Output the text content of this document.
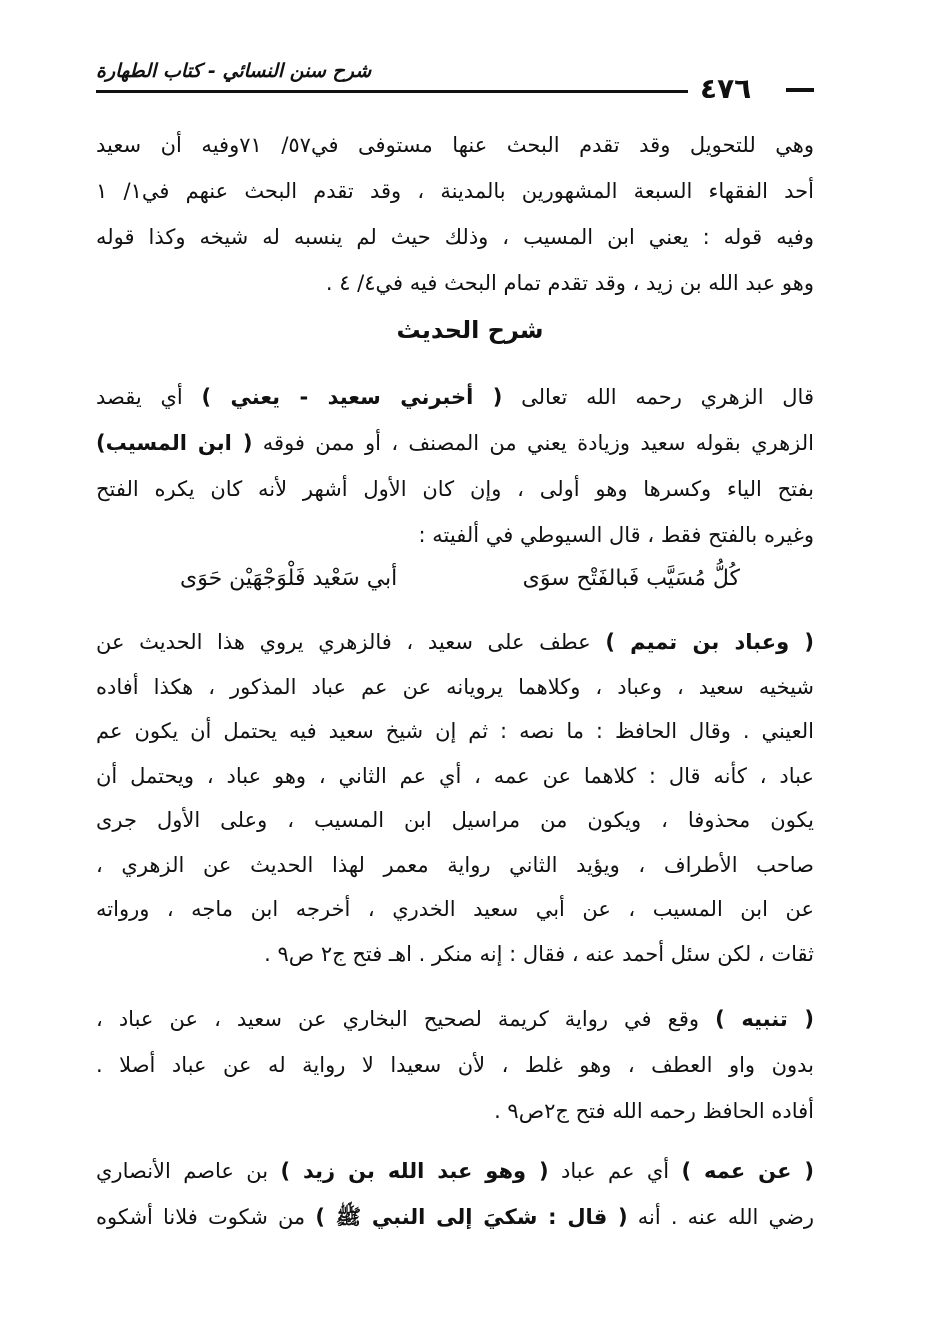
شرح سنن النسائي - كتاب الطهارة
٤٧٦
وهي للتحويل وقد تقدم البحث عنها مستوفى في٥٧/ ٧١وفيه أن سعيد
أحد الفقهاء السبعة المشهورين بالمدينة ، وقد تقدم البحث عنهم في١/ ١
وفيه قوله : يعني ابن المسيب ، وذلك حيث لم ينسبه له شيخه وكذا قوله
وهو عبد الله بن زيد ، وقد تقدم تمام البحث فيه في٤/ ٤ .
شرح الحديث
قال الزهري رحمه الله تعالى ( أخبرني سعيد - يعني ) أي يقصد
الزهري بقوله سعيد وزيادة يعني من المصنف ، أو ممن فوقه ( ابن المسيب)
بفتح الياء وكسرها وهو أولى ، وإن كان الأول أشهر لأنه كان يكره الفتح
وغيره بالفتح فقط ، قال السيوطي في ألفيته :
كُلُّ مُسَيَّب فَبالفَتْح سوَى
أبي سَعْيد فَلْوَجْهَيْن حَوَى
( وعباد بن تميم ) عطف على سعيد ، فالزهري يروي هذا الحديث عن
شيخيه سعيد ، وعباد ، وكلاهما يرويانه عن عم عباد المذكور ، هكذا أفاده
العيني . وقال الحافظ : ما نصه : ثم إن شيخ سعيد فيه يحتمل أن يكون عم
عباد ، كأنه قال : كلاهما عن عمه ، أي عم الثاني ، وهو عباد ، ويحتمل أن
يكون محذوفا ، ويكون من مراسيل ابن المسيب ، وعلى الأول جرى
صاحب الأطراف ، ويؤيد الثاني رواية معمر لهذا الحديث عن الزهري ،
عن ابن المسيب ، عن أبي سعيد الخدري ، أخرجه ابن ماجه ، ورواته
ثقات ، لكن سئل أحمد عنه ، فقال : إنه منكر . اهـ فتح ج٢ ص٩ .
( تنبيه ) وقع في رواية كريمة لصحيح البخاري عن سعيد ، عن عباد ،
بدون واو العطف ، وهو غلط ، لأن سعيدا لا رواية له عن عباد أصلا .
أفاده الحافظ رحمه الله فتح ج٢ص٩ .
( عن عمه ) أي عم عباد ( وهو عبد الله بن زيد ) بن عاصم الأنصاري
رضي الله عنه . أنه ( قال : شكيَ إلى النبي ﷺ ) من شكوت فلانا أشكوه
